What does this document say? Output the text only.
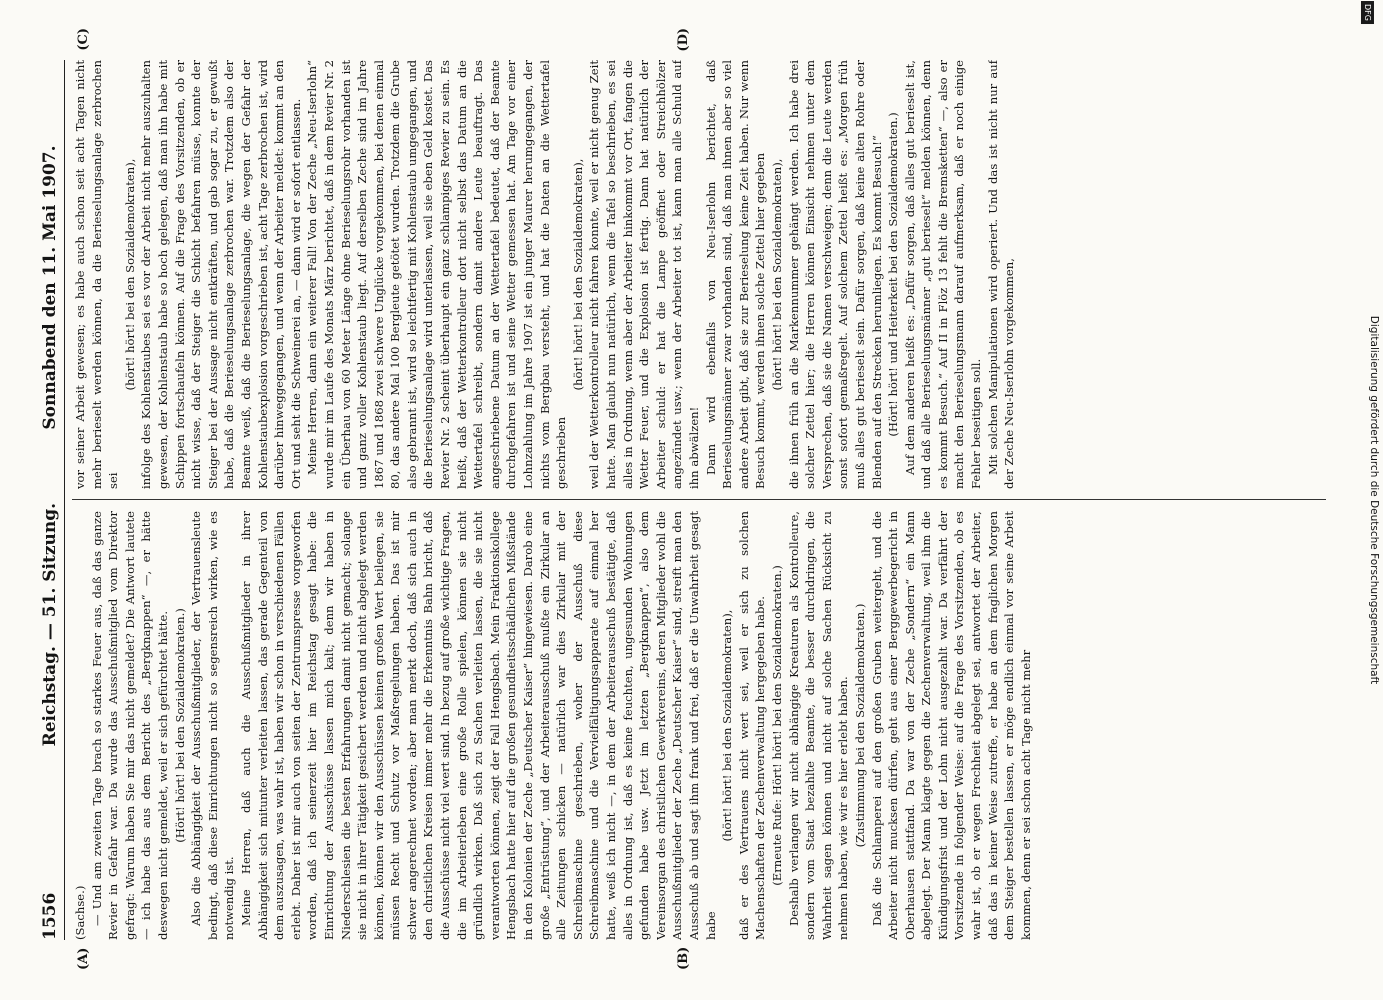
1556
Reichstag. — 51. Sitzung.
Sonnabend den 11. Mai 1907.

(Sachse.) — Und am zweiten Tage brach so starkes Feuer aus, daß das ganze Revier in Gefahr war. Da wurde das Ausschußmitglied vom Direktor gefragt: Warum haben Sie mir das nicht gemeldet? Die Antwort lautete — ich habe das aus dem Bericht des „Bergknappen“ —, er hätte deswegen nicht gemeldet, weil er sich gefürchtet hätte. (Hört! hört! bei den Sozialdemokraten.) Also die Abhängigkeit der Ausschußmitglieder, der Vertrauensleute bedingt, daß diese Einrichtungen nicht so segensreich wirken, wie es notwendig ist. Meine Herren, daß auch die Ausschußmitglieder in ihrer Abhängigkeit sich mitunter verleiten lassen, das gerade Gegenteil von dem auszusagen, was wahr ist, haben wir schon in verschiedenen Fällen erlebt. Daher ist mir auch von seiten der Zentrumspresse vorgeworfen worden, daß ich seinerzeit hier im Reichstag gesagt habe: die Einrichtung der Ausschüsse lassen mich kalt; denn wir haben in Niederschlesien die besten Erfahrungen damit nicht gemacht; solange sie nicht in ihrer Tätigkeit gesichert werden und nicht abgelegt werden können, können wir den Ausschüssen keinen großen Wert beilegen, sie müssen Recht und Schutz vor Maßregelungen haben. Das ist mir schwer angerechnet worden; aber man merkt doch, daß sich auch in den christlichen Kreisen immer mehr die Erkenntnis Bahn bricht, daß die Ausschüsse nicht viel wert sind. In bezug auf große wichtige Fragen, die im Arbeiterleben eine große Rolle spielen, können sie nicht gründlich wirken. Daß sich zu Sachen verleiten lassen, die sie nicht verantworten können, zeigt der Fall Hengsbach. Mein Fraktionskollege Hengsbach hatte hier auf die großen gesundheitsschädlichen Mißstände in den Kolonien der Zeche „Deutscher Kaiser“ hingewiesen. Darob eine große „Entrüstung“, und der Arbeiterausschuß mußte ein Zirkular an alle Zeitungen schicken — natürlich war dies Zirkular mit der Schreibmaschine geschrieben, woher der Ausschuß diese Schreibmaschine und die Vervielfältigungsapparate auf einmal her hatte, weiß ich nicht —, in dem der Arbeiterausschuß bestätigte, daß alles in Ordnung ist, daß es keine feuchten, ungesunden Wohnungen gefunden habe usw. Jetzt im letzten „Bergknappen“, also dem Vereinsorgan des christlichen Gewerkvereins, deren Mitglieder wohl die Ausschußmitglieder der Zeche „Deutscher Kaiser“ sind, streift man den Ausschuß ab und sagt ihm frank und frei, daß er die Unwahrheit gesagt habe

(hört! hört! bei den Sozialdemokraten), daß er des Vertrauens nicht wert sei, weil er sich zu solchen Machenschaften der Zechenverwaltung hergegeben habe. (Erneute Rufe: Hört! hört! bei den Sozialdemokraten.) Deshalb verlangen wir nicht abhängige Kreaturen als Kontrolleure, sondern vom Staat bezahlte Beamte, die besser durchdringen, die Wahrheit sagen können und nicht auf solche Sachen Rücksicht zu nehmen haben, wie wir es hier erlebt haben. (Zustimmung bei den Sozialdemokraten.) Daß die Schlamperei auf den großen Gruben weitergeht, und die Arbeiter nicht mucksen dürfen, geht aus einer Berggewerbegericht in Oberhausen stattfand. Da war von der Zeche „Sondern“ ein Mann abgelegt. Der Mann klagte gegen die Zechenverwaltung, weil ihm die Kündigungsfrist und der Lohn nicht ausgezahlt war. Da verfährt der Vorsitzende in folgender Weise: auf die Frage des Vorsitzenden, ob es wahr ist, ob er wegen Frechheit abgelegt sei, antwortet der Arbeiter, daß das in keiner Weise zutreffe, er habe an dem fraglichen Morgen dem Steiger bestellen lassen, er möge endlich einmal vor seine Arbeit kommen, denn er sei schon acht Tage nicht mehr

vor seiner Arbeit gewesen; es habe auch schon seit acht Tagen nicht mehr berieselt werden können, da die Berieselungsanlage zerbrochen sei

(hört! hört! bei den Sozialdemokraten), infolge des Kohlenstaubes sei es vor der Arbeit nicht mehr auszuhalten gewesen, der Kohlenstaub habe so hoch gelegen, daß man ihn habe mit Schippen fortschaufeln können. Auf die Frage des Vorsitzenden, ob er nicht wisse, daß der Steiger die Schicht befahren müsse, konnte der Steiger bei der Aussage nicht entkräften, und gab sogar zu, er gewußt habe, daß die Berieselungsanlage zerbrochen war. Trotzdem also der Beamte weiß, daß die Berieselungsanlage, die wegen der Gefahr der Kohlenstaubexplosion vorgeschrieben ist, acht Tage zerbrochen ist, wird darüber hinweggegangen, und wenn der Arbeiter meldet: kommt an den Ort und seht die Schweinerei an, — dann wird er sofort entlassen. Meine Herren, dann ein weiterer Fall! Von der Zeche „Neu-Iserlohn“ wurde mir im Laufe des Monats März berichtet, daß in dem Revier Nr. 2 ein Überhau von 60 Meter Länge ohne Berieselungsrohr vorhanden ist und ganz voller Kohlenstaub liegt. Auf derselben Zeche sind im Jahre 1867 und 1868 zwei schwere Unglücke vorgekommen, bei denen einmal 80, das andere Mal 100 Bergleute getötet wurden. Trotzdem die Grube also gebrannt ist, wird so leichtfertig mit Kohlenstaub umgegangen, und die Berieselungsanlage wird unterlassen, weil sie eben Geld kostet. Das Revier Nr. 2 scheint überhaupt ein ganz schlampiges Revier zu sein. Es heißt, daß der Wetterkontrolleur dort nicht selbst das Datum an die Wettertafel schreibt, sondern damit andere Leute beauftragt. Das angeschriebene Datum an der Wettertafel bedeutet, daß der Beamte durchgefahren ist und seine Wetter gemessen hat. Am Tage vor einer Lohnzahlung im Jahre 1907 ist ein junger Maurer herumgegangen, der nichts vom Bergbau versteht, und hat die Daten an die Wettertafel geschrieben

(hört! hört! bei den Sozialdemokraten), weil der Wetterkontrolleur nicht fahren konnte, weil er nicht genug Zeit hatte. Man glaubt nun natürlich, wenn die Tafel so beschrieben, es sei alles in Ordnung, wenn aber der Arbeiter hinkommt vor Ort, fangen die Wetter Feuer, und die Explosion ist fertig. Dann hat natürlich der Arbeiter schuld: er hat die Lampe geöffnet oder Streichhölzer angezündet usw.; wenn der Arbeiter tot ist, kann man alle Schuld auf ihn abwälzen! Dann wird ebenfalls von Neu-Iserlohn berichtet, daß Berieselungsmänner zwar vorhanden sind, daß man ihnen aber so viel andere Arbeit gibt, daß sie zur Berieselung keine Zeit haben. Nur wenn Besuch kommt, werden ihnen solche Zettel hier gegeben (hört! hört! bei den Sozialdemokraten), die ihnen früh an die Markennummer gehängt werden. Ich habe drei solcher Zettel hier; die Herren können Einsicht nehmen unter dem Versprechen, daß sie die Namen verschweigen; denn die Leute werden sonst sofort gemaßregelt. Auf solchem Zettel heißt es: „Morgen früh muß alles gut berieselt sein. Dafür sorgen, daß keine alten Rohre oder Blenden auf den Strecken herumliegen. Es kommt Besuch!“ (Hört! hört! und Heiterkeit bei den Sozialdemokraten.) Auf dem anderen heißt es: „Dafür sorgen, daß alles gut berieselt ist, und daß alle Berieselungsmänner „gut berieselt“ melden können, denn es kommt Besuch.“ Auf II in Flöz 13 fehlt die Bremsketten“ —, also er macht den Berieselungsmann darauf aufmerksam, daß er noch einige Fehler beseitigen soll. Mit solchen Manipulationen wird operiert. Und das ist nicht nur auf der Zeche Neu-Iserlohn vorgekommen,

(A)	(B)
(C)	(D)
Digitalisierung gefördert durch die Deutsche Forschungsgemeinschaft
DFG
